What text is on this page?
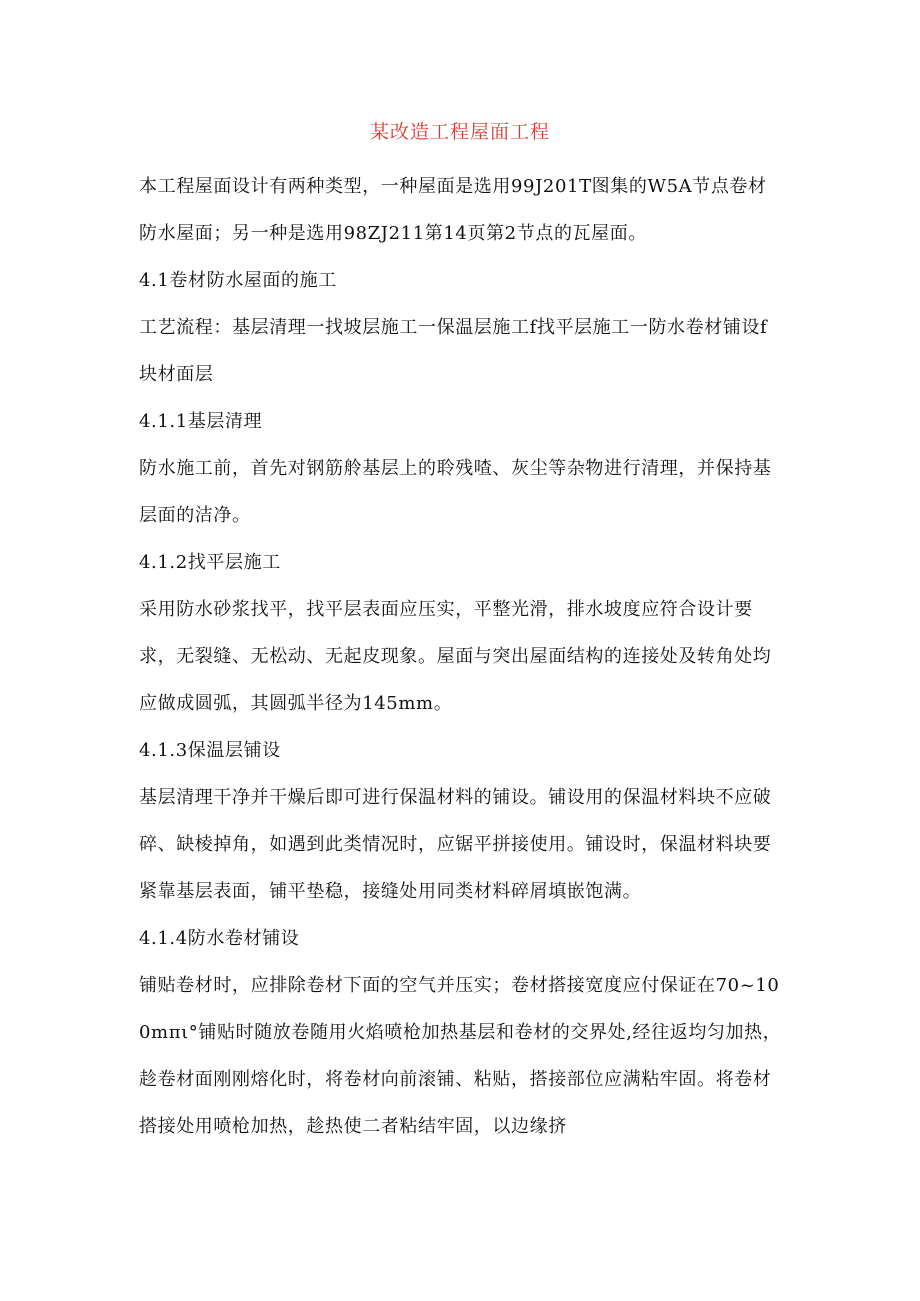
某改造工程屋面工程

本工程屋面设计有两种类型，一种屋面是选用99J201T图集的W5A节点卷材防水屋面；另一种是选用98ZJ211第14页第2节点的瓦屋面。

4.1卷材防水屋面的施工

工艺流程：基层清理一找坡层施工一保温层施工f找平层施工一防水卷材铺设f块材面层

4.1.1基层清理

防水施工前，首先对钢筋舲基层上的聆残喳、灰尘等杂物进行清理，并保持基层面的洁净。

4.1.2找平层施工

采用防水砂浆找平，找平层表面应压实，平整光滑，排水坡度应符合设计要求，无裂缝、无松动、无起皮现象。屋面与突出屋面结构的连接处及转角处均应做成圆弧，其圆弧半径为145mm。

4.1.3保温层铺设

基层清理干净并干燥后即可进行保温材料的铺设。铺设用的保温材料块不应破碎、缺棱掉角，如遇到此类情况时，应锯平拼接使用。铺设时，保温材料块要紧靠基层表面，铺平垫稳，接缝处用同类材料碎屑填嵌饱满。

4.1.4防水卷材铺设

铺贴卷材时，应排除卷材下面的空气并压实；卷材搭接宽度应付保证在70~100mπι°铺贴时随放卷随用火焰喷枪加热基层和卷材的交界处,经往返均匀加热，趁卷材面刚刚熔化时，将卷材向前滚铺、粘贴，搭接部位应满粘牢固。将卷材搭接处用喷枪加热，趁热使二者粘结牢固，以边缘挤
